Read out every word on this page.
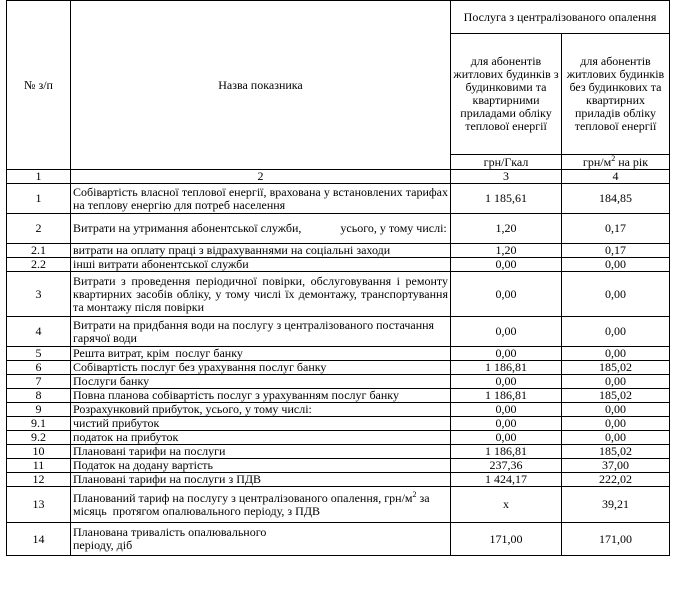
№ з/п	Назва показника	Послуга з централізованого опалення	
		для абонентів житлових будинків з будинковими та квартирними приладами обліку теплової енергії	для абонентів житлових будинків без будинкових та квартирних приладів обліку теплової енергії
		грн/Гкал	грн/$м^2$ на рік
1	2	3	4
1	Собівартість власної теплової енергії, врахована у встановлених тарифах на теплову енергію для потреб населення	1 185,61	184,85
2	Витрати на утримання абонентської служби,             усього, у тому числі:	1,20	0,17
2.1	витрати на оплату праці з відрахуваннями на соціальні заходи	1,20	0,17
2.2	інші витрати абонентської служби	0,00	0,00
3	Витрати з проведення періодичної повірки, обслуговування і ремонту квартирних засобів обліку, у тому числі їх демонтажу, транспортування та монтажу після повірки	0,00	0,00
4	Витрати на придбання води на послугу з централізованого постачання гарячої води	0,00	0,00
5	Решта витрат, крім  послуг банку	0,00	0,00
6	Собівартість послуг без урахування послуг банку	1 186,81	185,02
7	Послуги банку	0,00	0,00
8	Повна планова собівартість послуг з урахуванням послуг банку	1 186,81	185,02
9	Розрахунковий прибуток, усього, у тому числі:	0,00	0,00
9.1	чистий прибуток	0,00	0,00
9.2	податок на прибуток	0,00	0,00
10	Плановані тарифи на послуги	1 186,81	185,02
11	Податок на додану вартість	237,36	37,00
12	Плановані тарифи на послуги з ПДВ	1 424,17	222,02
13	Планований тариф на послугу з централізованого опалення, грн/$м^2$ за місяць  протягом опалювального періоду, з ПДВ	х	39,21
14	Планована тривалість опалювального періоду, діб	171,00	171,00
